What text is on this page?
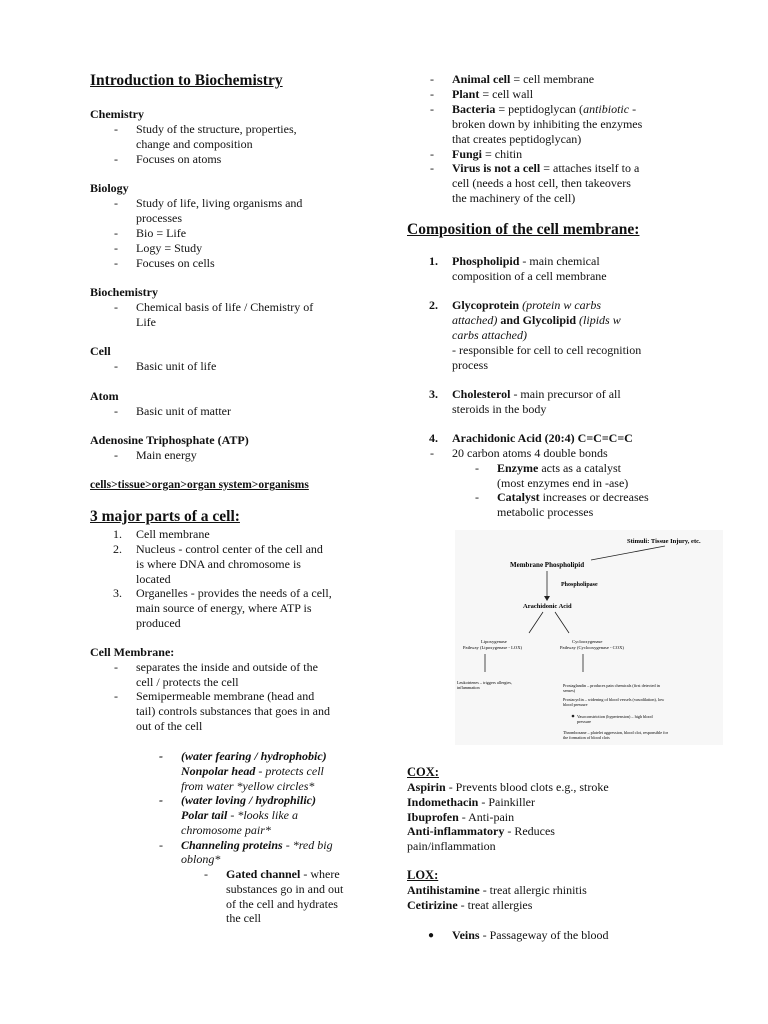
Introduction to Biochemistry
Chemistry
- Study of the structure, properties,
change and composition
- Focuses on atoms
Biology
- Study of life, living organisms and
processes
- Bio = Life
- Logy = Study
- Focuses on cells
Biochemistry
- Chemical basis of life / Chemistry of
Life
Cell
- Basic unit of life
Atom
- Basic unit of matter
Adenosine Triphosphate (ATP)
- Main energy
cells>tissue>organ>organ system>organisms
3 major parts of a cell:
1. Cell membrane
2. Nucleus - control center of the cell and
is where DNA and chromosome is
located
3. Organelles - provides the needs of a cell,
main source of energy, where ATP is
produced
Cell Membrane:
- separates the inside and outside of the
cell / protects the cell
- Semipermeable membrane (head and
tail) controls substances that goes in and
out of the cell
- (water fearing / hydrophobic)
Nonpolar head - protects cell
from water *yellow circles*
- (water loving / hydrophilic)
Polar tail - *looks like a
chromosome pair*
- Channeling proteins - *red big
oblong*
- Gated channel - where
substances go in and out
of the cell and hydrates
the cell
- Animal cell = cell membrane
- Plant = cell wall
- Bacteria = peptidoglycan (antibiotic -
broken down by inhibiting the enzymes
that creates peptidoglycan)
- Fungi = chitin
- Virus is not a cell = attaches itself to a
cell (needs a host cell, then takeovers
the machinery of the cell)
Composition of the cell membrane:
1. Phospholipid - main chemical
composition of a cell membrane
2. Glycoprotein (protein w carbs
attached) and Glycolipid (lipids w
carbs attached)
- responsible for cell to cell recognition
process
3. Cholesterol - main precursor of all
steroids in the body
4. Arachidonic Acid (20:4) C=C=C=C
- 20 carbon atoms 4 double bonds
- Enzyme acts as a catalyst
(most enzymes end in -ase)
- Catalyst increases or decreases
metabolic processes
Stimuli: Tissue Injury, etc.
Membrane Phospholipid
Phospholipase
Arachidonic Acid
Lipoxygenase
Pathway (Lipoxygenase - LOX)
Cyclooxygenase
Pathway (Cyclooxygenase - COX)
Leukotrienes – triggers allergies,
inflammation	Prostaglandin – produces pain chemicals (first detected in
senses)
Prostacyclin – widening of blood vessels (vasodilation), low
blood pressure
Vasoconstriction (hypertension) – high blood
pressure
Thromboxane – platelet aggression, blood clot, responsible for
the formation of blood clots
COX:
Aspirin - Prevents blood clots e.g., stroke
Indomethacin - Painkiller
Ibuprofen - Anti-pain
Anti-inflammatory - Reduces
pain/inflammation
LOX:
Antihistamine - treat allergic rhinitis
Cetirizine - treat allergies
● Veins - Passageway of the blood
